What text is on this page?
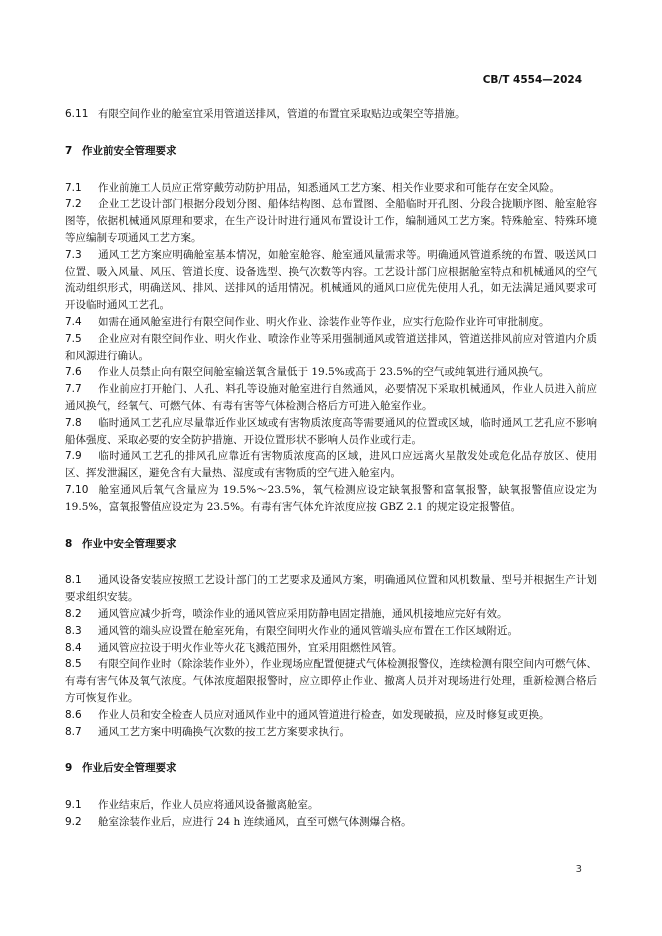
CB/T 4554—2024

6.11 有限空间作业的舱室宜采用管道送排风，管道的布置宜采取贴边或架空等措施。

7 作业前安全管理要求

7.1 作业前施工人员应正常穿戴劳动防护用品，知悉通风工艺方案、相关作业要求和可能存在安全风险。

7.2 企业工艺设计部门根据分段划分图、船体结构图、总布置图、全船临时开孔图、分段合拢顺序图、舱室舱容图等，依据机械通风原理和要求，在生产设计时进行通风布置设计工作，编制通风工艺方案。特殊舱室、特殊环境等应编制专项通风工艺方案。

7.3 通风工艺方案应明确舱室基本情况，如舱室舱容、舱室通风量需求等。明确通风管道系统的布置、吸送风口位置、吸入风量、风压、管道长度、设备选型、换气次数等内容。工艺设计部门应根据舱室特点和机械通风的空气流动组织形式，明确送风、排风、送排风的适用情况。机械通风的通风口应优先使用人孔，如无法满足通风要求可开设临时通风工艺孔。

7.4 如需在通风舱室进行有限空间作业、明火作业、涂装作业等作业，应实行危险作业许可审批制度。

7.5 企业应对有限空间作业、明火作业、喷涂作业等采用强制通风或管道送排风，管道送排风前应对管道内介质和风源进行确认。

7.6 作业人员禁止向有限空间舱室输送氧含量低于 19.5%或高于 23.5%的空气或纯氧进行通风换气。

7.7 作业前应打开舱门、人孔、料孔等设施对舱室进行自然通风，必要情况下采取机械通风，作业人员进入前应通风换气，经氧气、可燃气体、有毒有害等气体检测合格后方可进入舱室作业。

7.8 临时通风工艺孔应尽量靠近作业区域或有害物质浓度高等需要通风的位置或区域，临时通风工艺孔应不影响船体强度、采取必要的安全防护措施、开设位置形状不影响人员作业或行走。

7.9 临时通风工艺孔的排风孔应靠近有害物质浓度高的区域，进风口应远离火星散发处或危化品存放区、使用区、挥发泄漏区，避免含有大量热、湿度或有害物质的空气进入舱室内。

7.10 舱室通风后氧气含量应为 19.5%～23.5%，氧气检测应设定缺氧报警和富氧报警，缺氧报警值应设定为 19.5%，富氧报警值应设定为 23.5%。有毒有害气体允许浓度应按 GBZ 2.1 的规定设定报警值。

8 作业中安全管理要求

8.1 通风设备安装应按照工艺设计部门的工艺要求及通风方案，明确通风位置和风机数量、型号并根据生产计划要求组织安装。

8.2 通风管应减少折弯，喷涂作业的通风管应采用防静电固定措施，通风机接地应完好有效。

8.3 通风管的端头应设置在舱室死角，有限空间明火作业的通风管端头应布置在工作区域附近。

8.4 通风管应拉设于明火作业等火花飞溅范围外，宜采用阻燃性风管。

8.5 有限空间作业时（除涂装作业外），作业现场应配置便捷式气体检测报警仪，连续检测有限空间内可燃气体、有毒有害气体及氧气浓度。气体浓度超限报警时，应立即停止作业、撤离人员并对现场进行处理，重新检测合格后方可恢复作业。

8.6 作业人员和安全检查人员应对通风作业中的通风管道进行检查，如发现破损，应及时修复或更换。

8.7 通风工艺方案中明确换气次数的按工艺方案要求执行。

9 作业后安全管理要求

9.1 作业结束后，作业人员应将通风设备撤离舱室。

9.2 舱室涂装作业后，应进行 24 h 连续通风，直至可燃气体测爆合格。

3
